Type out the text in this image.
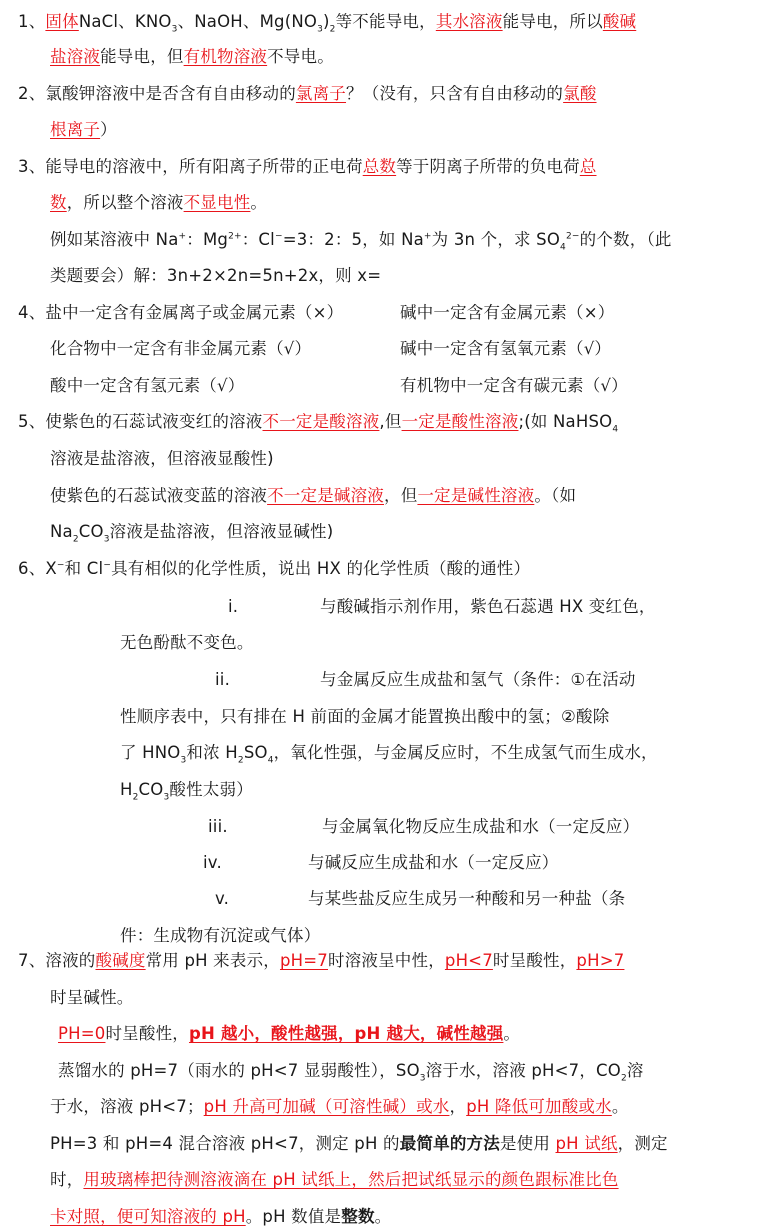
1、固体NaCl、$KNO_3$、NaOH、$Mg(NO_3)_2$等不能导电，其水溶液能导电，所以酸碱
盐溶液能导电，但有机物溶液不导电。
2、氯酸钾溶液中是否含有自由移动的氯离子？（没有，只含有自由移动的氯酸
根离子）
3、能导电的溶液中，所有阳离子所带的正电荷总数等于阴离子所带的负电荷总
数，所以整个溶液不显电性。
例如某溶液中 Na+：$Mg^{2+}$：Cl−=3：2：5，如 Na+为 3n 个，求 $SO_4^{2-}$的个数，（此
类题要会）解：3n+2×2n=5n+2x，则 x=
4、盐中一定含有金属离子或金属元素（×）	碱中一定含有金属元素（×）
化合物中一定含有非金属元素（√）	碱中一定含有氢氧元素（√）
酸中一定含有氢元素（√）	有机物中一定含有碳元素（√）
5、使紫色的石蕊试液变红的溶液不一定是酸溶液,但一定是酸性溶液;(如 NaHSO$_4$
溶液是盐溶液，但溶液显酸性)
使紫色的石蕊试液变蓝的溶液不一定是碱溶液，但一定是碱性溶液。（如
$Na_2CO_3$溶液是盐溶液，但溶液显碱性)
6、X−和 Cl−具有相似的化学性质，说出 HX 的化学性质（酸的通性）
i.	与酸碱指示剂作用，紫色石蕊遇 HX 变红色，
无色酚酞不变色。
ii.	与金属反应生成盐和氢气（条件：①在活动
性顺序表中，只有排在 H 前面的金属才能置换出酸中的氢；②酸除
了 $HNO_3$和浓 $H_2SO_4$，氧化性强，与金属反应时，不生成氢气而生成水，
$H_2CO_3$酸性太弱）
iii.	与金属氧化物反应生成盐和水（一定反应）
iv.	与碱反应生成盐和水（一定反应）
v.	与某些盐反应生成另一种酸和另一种盐（条
件：生成物有沉淀或气体）
7、溶液的酸碱度常用 pH 来表示，pH=7时溶液呈中性，pH<7时呈酸性，pH>7
时呈碱性。
PH=0时呈酸性，pH 越小，酸性越强，pH 越大，碱性越强。
蒸馏水的 pH=7（雨水的 pH<7 显弱酸性），$SO_3$溶于水，溶液 pH<7，$CO_2$溶
于水，溶液 pH<7；pH 升高可加碱（可溶性碱）或水，pH 降低可加酸或水。
PH=3 和 pH=4 混合溶液 pH<7，测定 pH 的最简单的方法是使用 pH 试纸，测定
时，用玻璃棒把待测溶液滴在 pH 试纸上，然后把试纸显示的颜色跟标准比色
卡对照，便可知溶液的 pH。pH 数值是整数。
